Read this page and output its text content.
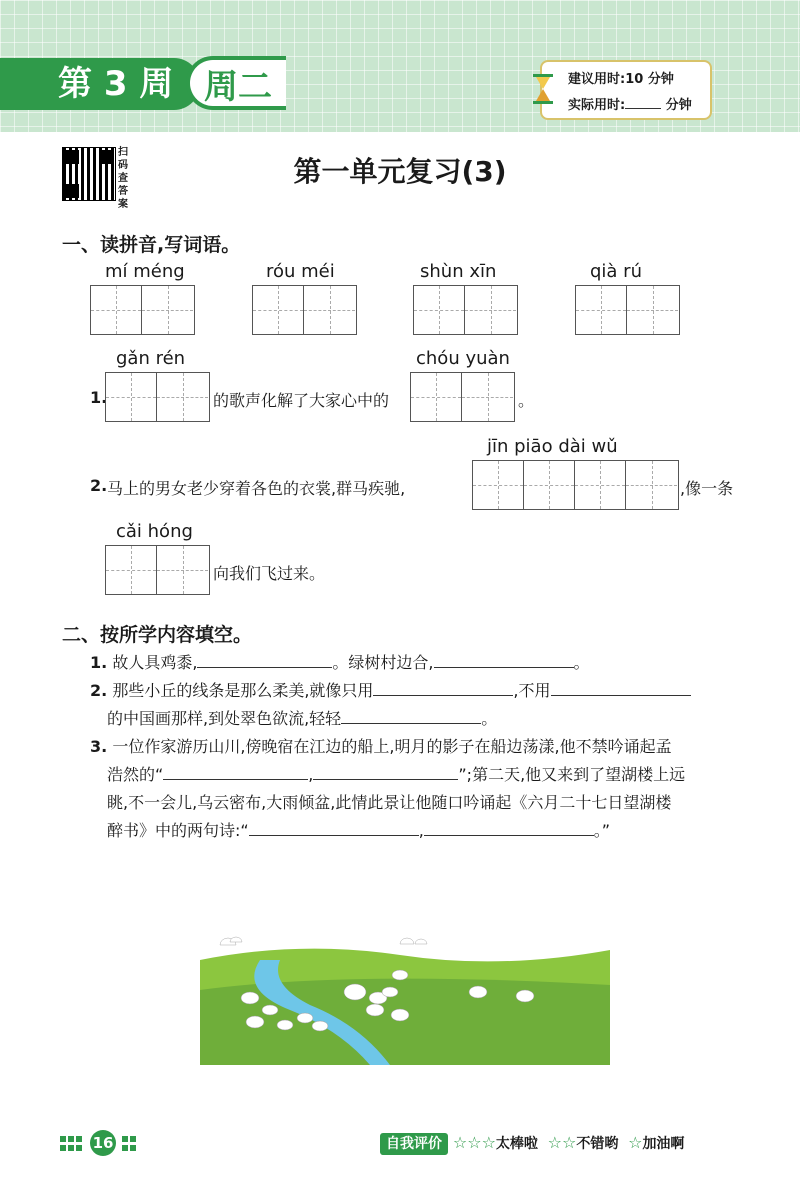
第 3 周 周二	建议用时:10 分钟
实际用时:	分钟
扫码查答案
第一单元复习(3)
一、读拼音,写词语。
mí méng	róu méi	shùn xīn	qià rú
gǎn rén	chóu yuàn
1.	的歌声化解了大家心中的	。
jīn piāo dài wǔ
2. 马上的男女老少穿着各色的衣裳,群马疾驰,	,像一条
cǎi hóng
向我们飞过来。
二、按所学内容填空。
1. 故人具鸡黍,	。绿树村边合,	。
2. 那些小丘的线条是那么柔美,就像只用	,不用
的中国画那样,到处翠色欲流,轻轻	。
3. 一位作家游历山川,傍晚宿在江边的船上,明月的影子在船边荡漾,他不禁吟诵起孟
浩然的“	,	”;第二天,他又来到了望湖楼上远
眺,不一会儿,乌云密布,大雨倾盆,此情此景让他随口吟诵起《六月二十七日望湖楼
醉书》中的两句诗:“	,	。”
16	自我评价 ☆☆☆太棒啦 ☆☆不错哟 ☆加油啊
